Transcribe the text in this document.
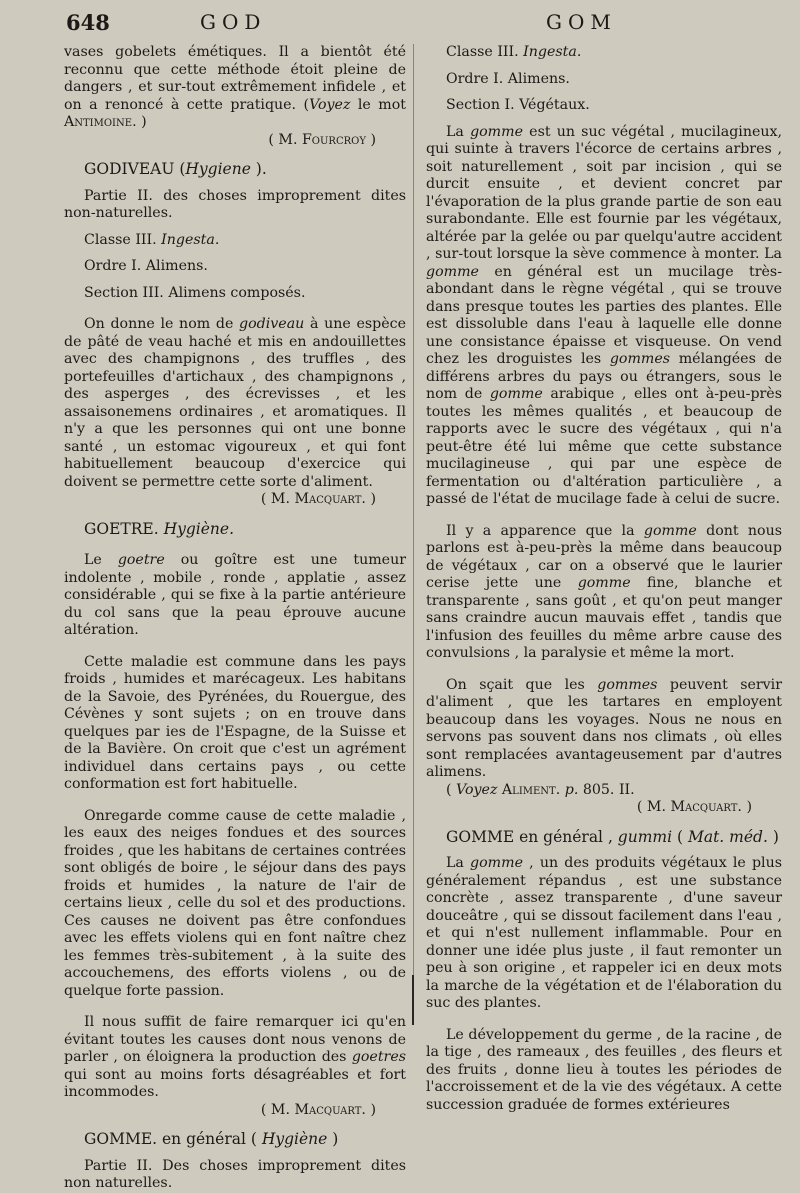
648	GOD	GOM

vases gobelets émétiques. Il a bientôt été reconnu que cette méthode étoit pleine de dangers , et sur-tout extrêmement infidele , et on a renoncé à cette pratique. (Voyez le mot Antimoine. )

( M. Fourcroy )

GODIVEAU (Hygiene ).

Partie II. des choses improprement dites non-naturelles.

Classe III. Ingesta.

Ordre I. Alimens.

Section III. Alimens composés.

On donne le nom de godiveau à une espèce de pâté de veau haché et mis en andouillettes avec des champignons , des truffles , des portefeuilles d'artichaux , des champignons , des asperges , des écrevisses , et les assaisonemens ordinaires , et aromatiques. Il n'y a que les personnes qui ont une bonne santé , un estomac vigoureux , et qui font habituellement beaucoup d'exercice qui doivent se permettre cette sorte d'aliment.

( M. Macquart. )

GOETRE. Hygiène.

Le goetre ou goître est une tumeur indolente , mobile , ronde , applatie , assez considérable , qui se fixe à la partie antérieure du col sans que la peau éprouve aucune altération.

Cette maladie est commune dans les pays froids , humides et marécageux. Les habitans de la Savoie, des Pyrénées, du Rouergue, des Cévènes y sont sujets ; on en trouve dans quelques par ies de l'Espagne, de la Suisse et de la Bavière. On croit que c'est un agrément individuel dans certains pays , ou cette conformation est fort habituelle.

Onregarde comme cause de cette maladie , les eaux des neiges fondues et des sources froides , que les habitans de certaines contrées sont obligés de boire , le séjour dans des pays froids et humides , la nature de l'air de certains lieux , celle du sol et des productions. Ces causes ne doivent pas être confondues avec les effets violens qui en font naître chez les femmes très-subitement , à la suite des accouchemens, des efforts violens , ou de quelque forte passion.

Il nous suffit de faire remarquer ici qu'en évitant toutes les causes dont nous venons de parler , on éloignera la production des goetres qui sont au moins forts désagréables et fort incommodes.

( M. Macquart. )

GOMME. en général ( Hygiène )

Partie II. Des choses improprement dites non naturelles.

Classe III. Ingesta.

Ordre I. Alimens.

Section I. Végétaux.

La gomme est un suc végétal , mucilagineux, qui suinte à travers l'écorce de certains arbres , soit naturellement , soit par incision , qui se durcit ensuite , et devient concret par l'évaporation de la plus grande partie de son eau surabondante. Elle est fournie par les végétaux, altérée par la gelée ou par quelqu'autre accident , sur-tout lorsque la sève commence à monter. La gomme en général est un mucilage très-abondant dans le règne végétal , qui se trouve dans presque toutes les parties des plantes. Elle est dissoluble dans l'eau à laquelle elle donne une consistance épaisse et visqueuse. On vend chez les droguistes les gommes mélangées de différens arbres du pays ou étrangers, sous le nom de gomme arabique , elles ont à-peu-près toutes les mêmes qualités , et beaucoup de rapports avec le sucre des végétaux , qui n'a peut-être été lui même que cette substance mucilagineuse , qui par une espèce de fermentation ou d'altération particulière , a passé de l'état de mucilage fade à celui de sucre.

Il y a apparence que la gomme dont nous parlons est à-peu-près la même dans beaucoup de végétaux , car on a observé que le laurier cerise jette une gomme fine, blanche et transparente , sans goût , et qu'on peut manger sans craindre aucun mauvais effet , tandis que l'infusion des feuilles du même arbre cause des convulsions , la paralysie et même la mort.

On sçait que les gommes peuvent servir d'aliment , que les tartares en employent beaucoup dans les voyages. Nous ne nous en servons pas souvent dans nos climats , où elles sont remplacées avantageusement par d'autres alimens.

( Voyez Aliment. p. 805. II.

( M. Macquart. )

GOMME en général , gummi ( Mat. méd. )

La gomme , un des produits végétaux le plus généralement répandus , est une substance concrète , assez transparente , d'une saveur douceâtre , qui se dissout facilement dans l'eau , et qui n'est nullement inflammable. Pour en donner une idée plus juste , il faut remonter un peu à son origine , et rappeler ici en deux mots la marche de la végétation et de l'élaboration du suc des plantes.

Le développement du germe , de la racine , de la tige , des rameaux , des feuilles , des fleurs et des fruits , donne lieu à toutes les périodes de l'accroissement et de la vie des végétaux. A cette succession graduée de formes extérieures
